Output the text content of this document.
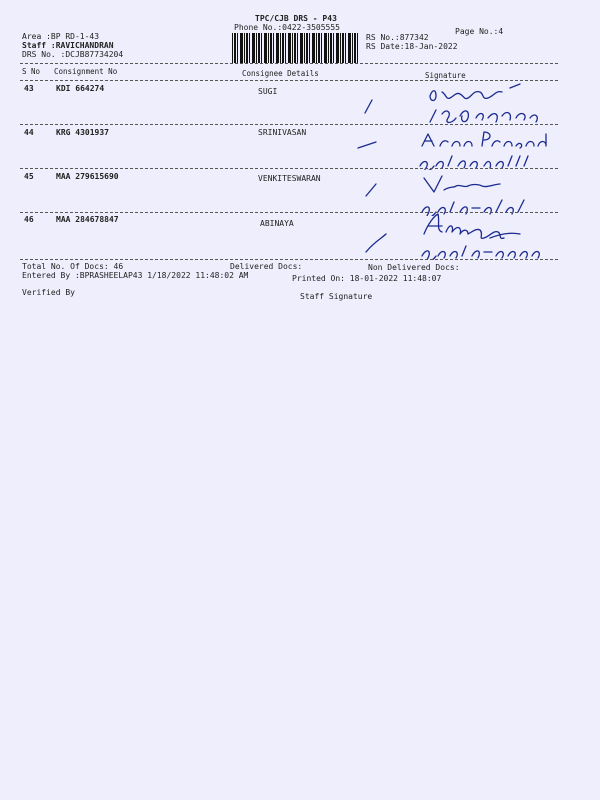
TPC/CJB DRS - P43
Phone No.:0422-3505555
Area :BP RD-1-43
Staff :RAVICHANDRAN
DRS No. :DCJB87734204
RS No.:877342
RS Date:18-Jan-2022
Page No.:4
S No Consignment No	Consignee Details	Signature
43	KDI 664274	SUGI
44	KRG 4301937	SRINIVASAN
45	MAA 279615690	VENKITESWARAN
46	MAA 284678847	ABINAYA
Total No. Of Docs: 46	Delivered Docs:	Non Delivered Docs:
Entered By :BPRASHEELAP43 1/18/2022 11:48:02 AM	Printed On: 18-01-2022 11:48:07
Verified By	Staff Signature
